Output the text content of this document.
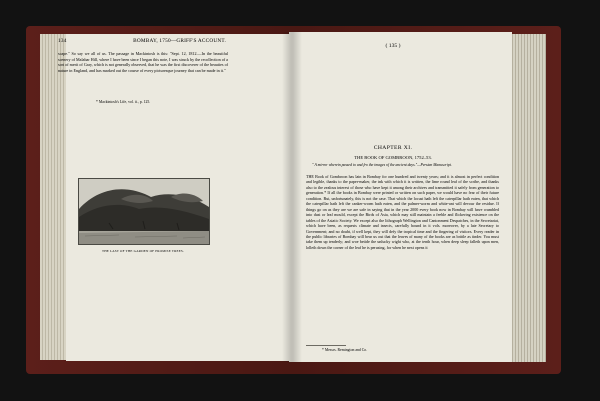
134	BOMBAY, 1750—GRIFF'S ACCOUNT.

scape." So say we all of us. The passage in Mackintosh is this: "Sept. 12, 1812.—In the beautiful scenery of Malabar Hill, where I have been since I began this note, I was struck by the recollection of a sort of merit of Gray, which is not generally observed, that he was the first discoverer of the beauties of nature in England, and has marked out the course of every picturesque journey that can be made in it."

* Mackintosh's Life, vol. ii., p. 125.
THE LAST OF THE GARDEN OF PROMISE TREES.
( 135 )
CHAPTER XI.
THE BOOK OF GOMBROON, 1752–53.
" A mirror wherein passed to and fro the images of the ancient days."—Persian Manuscript.

THE Book of Gombroon has lain in Bombay for one hundred and twenty years; and it is almost in perfect condition and legible, thanks to the paper-maker, the ink with which it is written, the lime round leaf of the scribe, and thanks also to the zealous interest of those who have kept it among their archives and transmitted it safely from generation to generation.* If all the books in Bombay were printed or written on such paper, we would have no fear of their future condition. But, unfortunately, this is not the case. That which the locust hath left the caterpillar hath eaten, that which the caterpillar hath left the canker-worm hath eaten, and the palmer-worm and white-ant will devour the residue. If things go on as they are we are safe in saying that in the year 2000 every book now in Bombay will have crumbled into dust or leaf mould, except the Birds of Asia, which may still maintain a feeble and flickering existence on the tables of the Asiatic Society. We except also the lithograph Wellington and Cantonment Despatches, in the Secretariat, which have been, as requests climate and insects, carefully bound in it vols. moreover, by a late Secretary to Government; and no doubt, if well kept, they will defy the tropical time and the fingering of visitors. Every reader in the public libraries of Bombay will bear us out that the leaves of many of the books are as brittle as tinder. You must take them up tenderly; and woe betide the unlucky wight who, at the tenth hour, when deep sleep falleth upon men, lolleth down the corner of the leaf he is perusing, for when he next opens it

* Messrs. Remington and Co.
